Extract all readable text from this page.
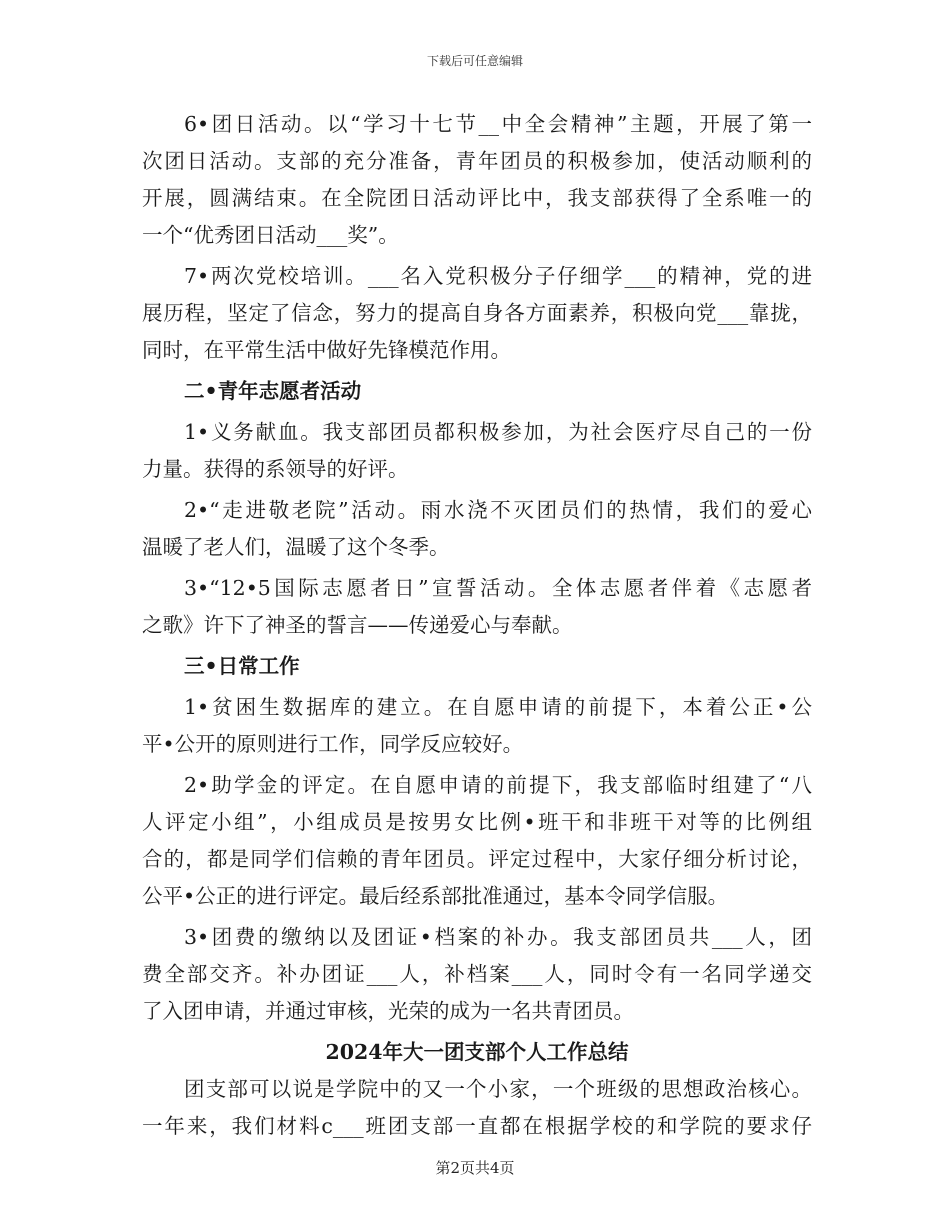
下载后可任意编辑
6•团日活动。以“学习十七节__中全会精神”主题，开展了第一
次团日活动。支部的充分准备，青年团员的积极参加，使活动顺利的
开展，圆满结束。在全院团日活动评比中，我支部获得了全系唯一的
一个“优秀团日活动___奖”。
7•两次党校培训。___名入党积极分子仔细学___的精神，党的进
展历程，坚定了信念，努力的提高自身各方面素养，积极向党___靠拢，
同时，在平常生活中做好先锋模范作用。
二•青年志愿者活动
1•义务献血。我支部团员都积极参加，为社会医疗尽自己的一份
力量。获得的系领导的好评。
2•“走进敬老院”活动。雨水浇不灭团员们的热情，我们的爱心
温暖了老人们，温暖了这个冬季。
3•“12•5国际志愿者日”宣誓活动。全体志愿者伴着《志愿者
之歌》许下了神圣的誓言——传递爱心与奉献。
三•日常工作
1•贫困生数据库的建立。在自愿申请的前提下，本着公正•公
平•公开的原则进行工作，同学反应较好。
2•助学金的评定。在自愿申请的前提下，我支部临时组建了“八
人评定小组”，小组成员是按男女比例•班干和非班干对等的比例组
合的，都是同学们信赖的青年团员。评定过程中，大家仔细分析讨论，
公平•公正的进行评定。最后经系部批准通过，基本令同学信服。
3•团费的缴纳以及团证•档案的补办。我支部团员共___人，团
费全部交齐。补办团证___人，补档案___人，同时令有一名同学递交
了入团申请，并通过审核，光荣的成为一名共青团员。
2024年大一团支部个人工作总结
团支部可以说是学院中的又一个小家，一个班级的思想政治核心。
一年来，我们材料c___班团支部一直都在根据学校的和学院的要求仔
第2页共4页
